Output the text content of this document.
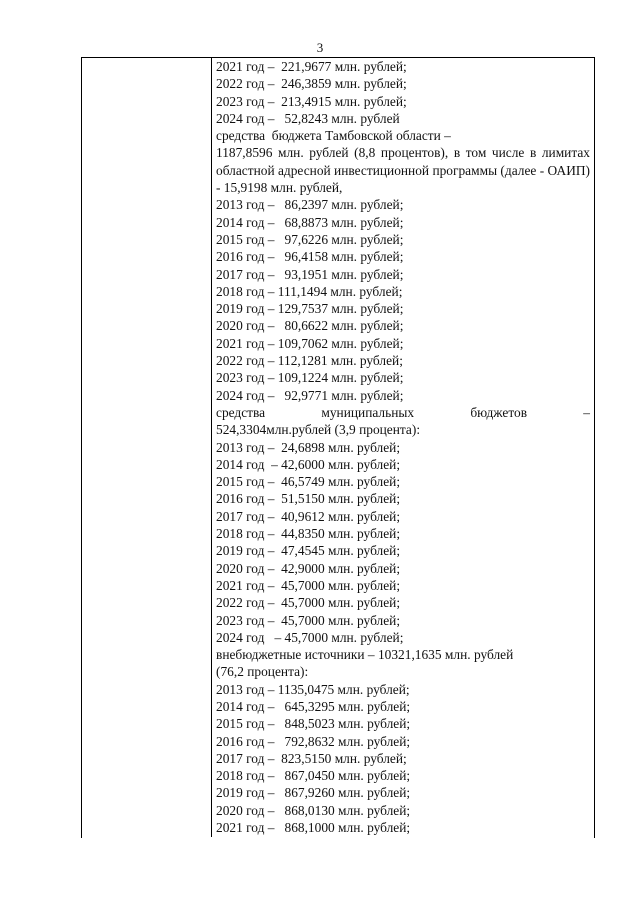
3
2021 год –  221,9677 млн. рублей;
2022 год –  246,3859 млн. рублей;
2023 год –  213,4915 млн. рублей;
2024 год –   52,8243 млн. рублей
средства  бюджета Тамбовской области –
1187,8596 млн. рублей (8,8 процентов), в том числе в лимитах областной адресной инвестиционной программы (далее - ОАИП) - 15,9198 млн. рублей,
2013 год –   86,2397 млн. рублей;
2014 год –   68,8873 млн. рублей;
2015 год –   97,6226 млн. рублей;
2016 год –   96,4158 млн. рублей;
2017 год –   93,1951 млн. рублей;
2018 год – 111,1494 млн. рублей;
2019 год – 129,7537 млн. рублей;
2020 год –   80,6622 млн. рублей;
2021 год – 109,7062 млн. рублей;
2022 год – 112,1281 млн. рублей;
2023 год – 109,1224 млн. рублей;
2024 год –   92,9771 млн. рублей;
средства	муниципальных	бюджетов	–
524,3304млн.рублей (3,9 процента):
2013 год –  24,6898 млн. рублей;
2014 год  – 42,6000 млн. рублей;
2015 год –  46,5749 млн. рублей;
2016 год –  51,5150 млн. рублей;
2017 год –  40,9612 млн. рублей;
2018 год –  44,8350 млн. рублей;
2019 год –  47,4545 млн. рублей;
2020 год –  42,9000 млн. рублей;
2021 год –  45,7000 млн. рублей;
2022 год –  45,7000 млн. рублей;
2023 год –  45,7000 млн. рублей;
2024 год   – 45,7000 млн. рублей;
внебюджетные источники – 10321,1635 млн. рублей
(76,2 процента):
2013 год – 1135,0475 млн. рублей;
2014 год –   645,3295 млн. рублей;
2015 год –   848,5023 млн. рублей;
2016 год –   792,8632 млн. рублей;
2017 год –  823,5150 млн. рублей;
2018 год –   867,0450 млн. рублей;
2019 год –   867,9260 млн. рублей;
2020 год –   868,0130 млн. рублей;
2021 год –   868,1000 млн. рублей;
